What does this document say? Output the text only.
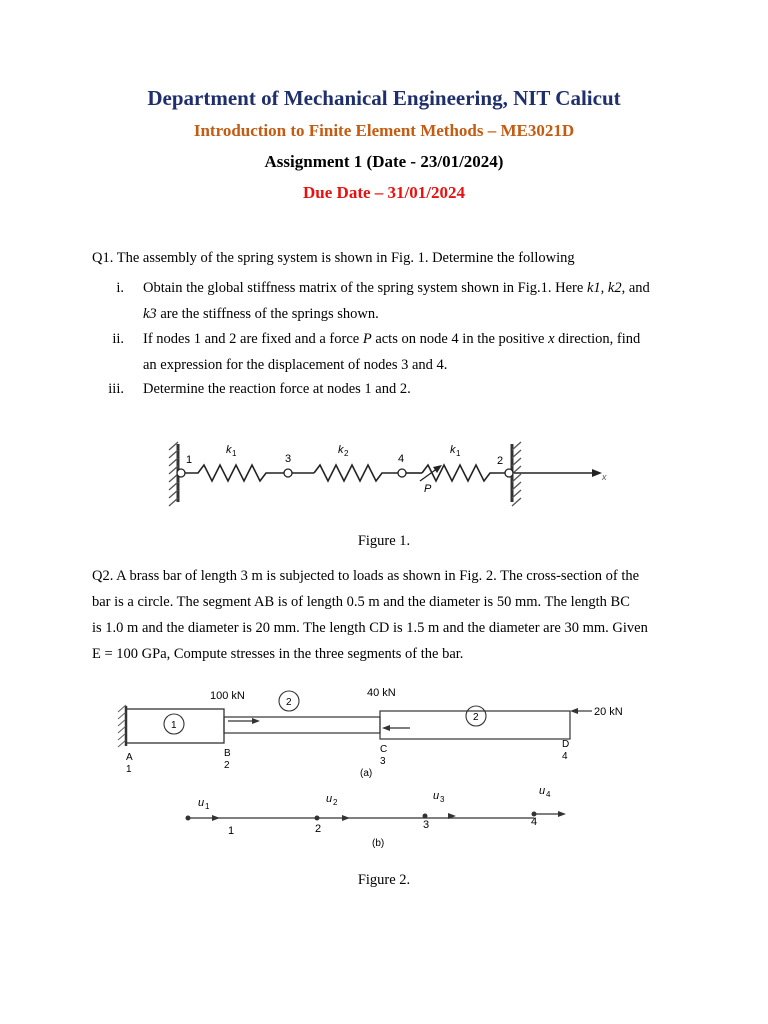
Department of Mechanical Engineering, NIT Calicut
Introduction to Finite Element Methods – ME3021D
Assignment 1 (Date - 23/01/2024)
Due Date – 31/01/2024
Q1. The assembly of the spring system is shown in Fig. 1. Determine the following
i. Obtain the global stiffness matrix of the spring system shown in Fig.1. Here k1, k2, and
k3 are the stiffness of the springs shown.
ii. If nodes 1 and 2 are fixed and a force P acts on node 4 in the positive x direction, find
an expression for the displacement of nodes 3 and 4.
iii. Determine the reaction force at nodes 1 and 2.
1	3	4	2
k 1	k 2	k 1
P
x
Figure 1.
Q2. A brass bar of length 3 m is subjected to loads as shown in Fig. 2. The cross-section of the
bar is a circle. The segment AB is of length 0.5 m and the diameter is 50 mm. The length BC
is 1.0 m and the diameter is 20 mm. The length CD is 1.5 m and the diameter are 30 mm. Given
E = 100 GPa, Compute stresses in the three segments of the bar.
100 kN	40 kN
20 kN
1
2
2
A
1
B
2
C
3
D
4
(a)
u 1
u 2
u 3
u 4
1	2	3	4
(b)
Figure 2.
